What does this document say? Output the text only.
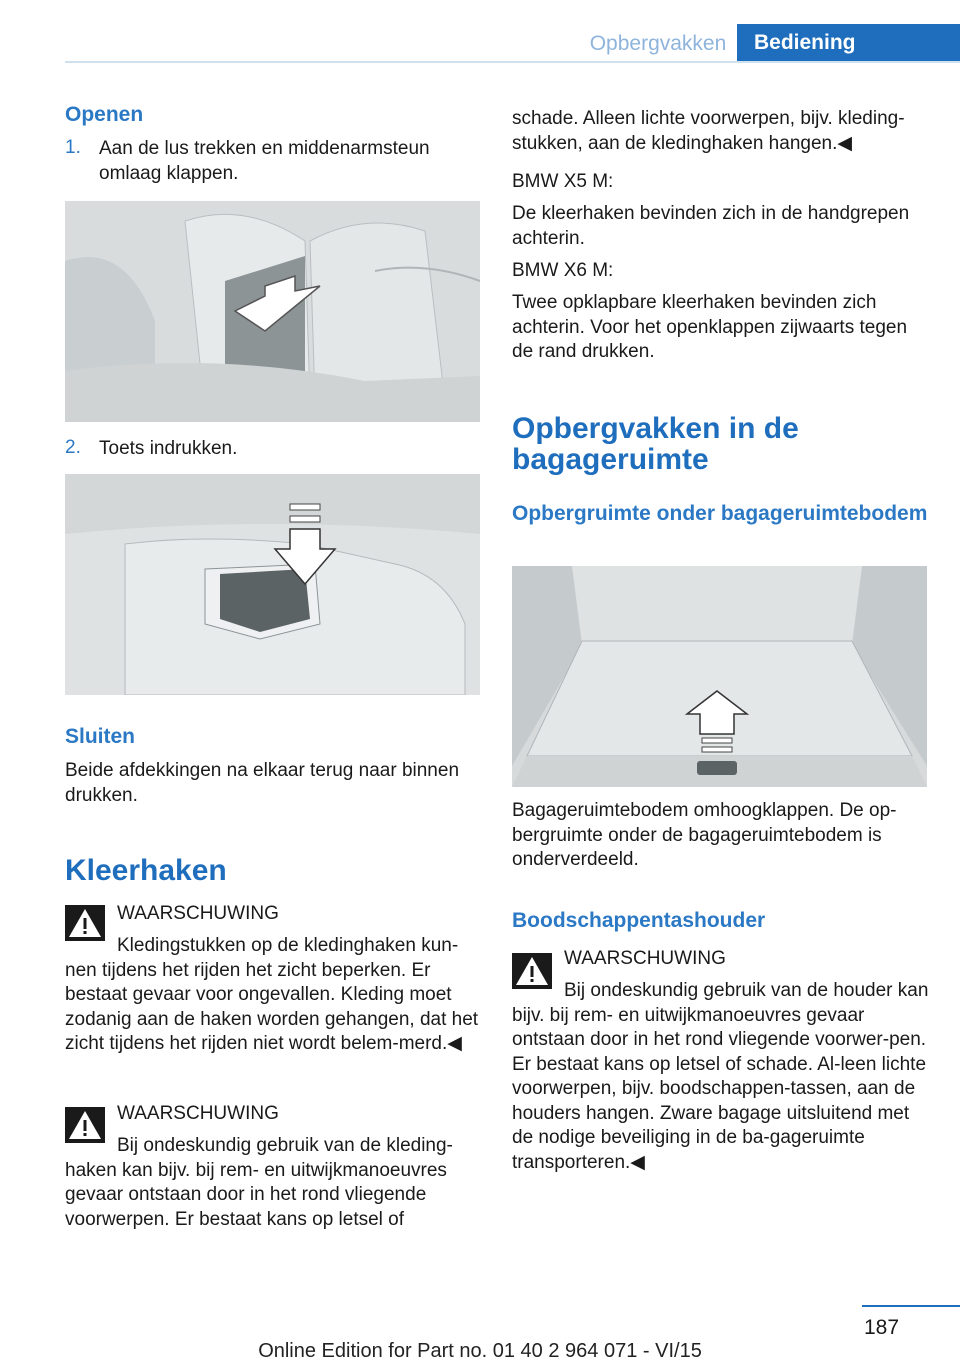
Opbergvakken	Bediening
Openen
1. Aan de lus trekken en middenarmsteun omlaag klappen.
2. Toets indrukken.
Sluiten
Beide afdekkingen na elkaar terug naar binnen drukken.
Kleerhaken
WAARSCHUWING
Kledingstukken op de kledinghaken kun-nen tijdens het rijden het zicht beperken. Er bestaat gevaar voor ongevallen. Kleding moet zodanig aan de haken worden gehangen, dat het zicht tijdens het rijden niet wordt belem-merd.◀
WAARSCHUWING
Bij ondeskundig gebruik van de kleding-haken kan bijv. bij rem- en uitwijkmanoeuvres gevaar ontstaan door in het rond vliegende voorwerpen. Er bestaat kans op letsel of
schade. Alleen lichte voorwerpen, bijv. kleding-stukken, aan de kledinghaken hangen.◀
BMW X5 M:
De kleerhaken bevinden zich in de handgrepen achterin.
BMW X6 M:
Twee opklapbare kleerhaken bevinden zich achterin. Voor het openklappen zijwaarts tegen de rand drukken.
Opbergvakken in de bagageruimte
Opbergruimte onder bagageruimtebodem
Bagageruimtebodem omhoogklappen. De op-bergruimte onder de bagageruimtebodem is onderverdeeld.
Boodschappentashouder
WAARSCHUWING
Bij ondeskundig gebruik van de houder kan bijv. bij rem- en uitwijkmanoeuvres gevaar ontstaan door in het rond vliegende voorwer-pen. Er bestaat kans op letsel of schade. Al-leen lichte voorwerpen, bijv. boodschappen-tassen, aan de houders hangen. Zware bagage uitsluitend met de nodige beveiliging in de ba-gageruimte transporteren.◀
187
Online Edition for Part no. 01 40 2 964 071 - VI/15
